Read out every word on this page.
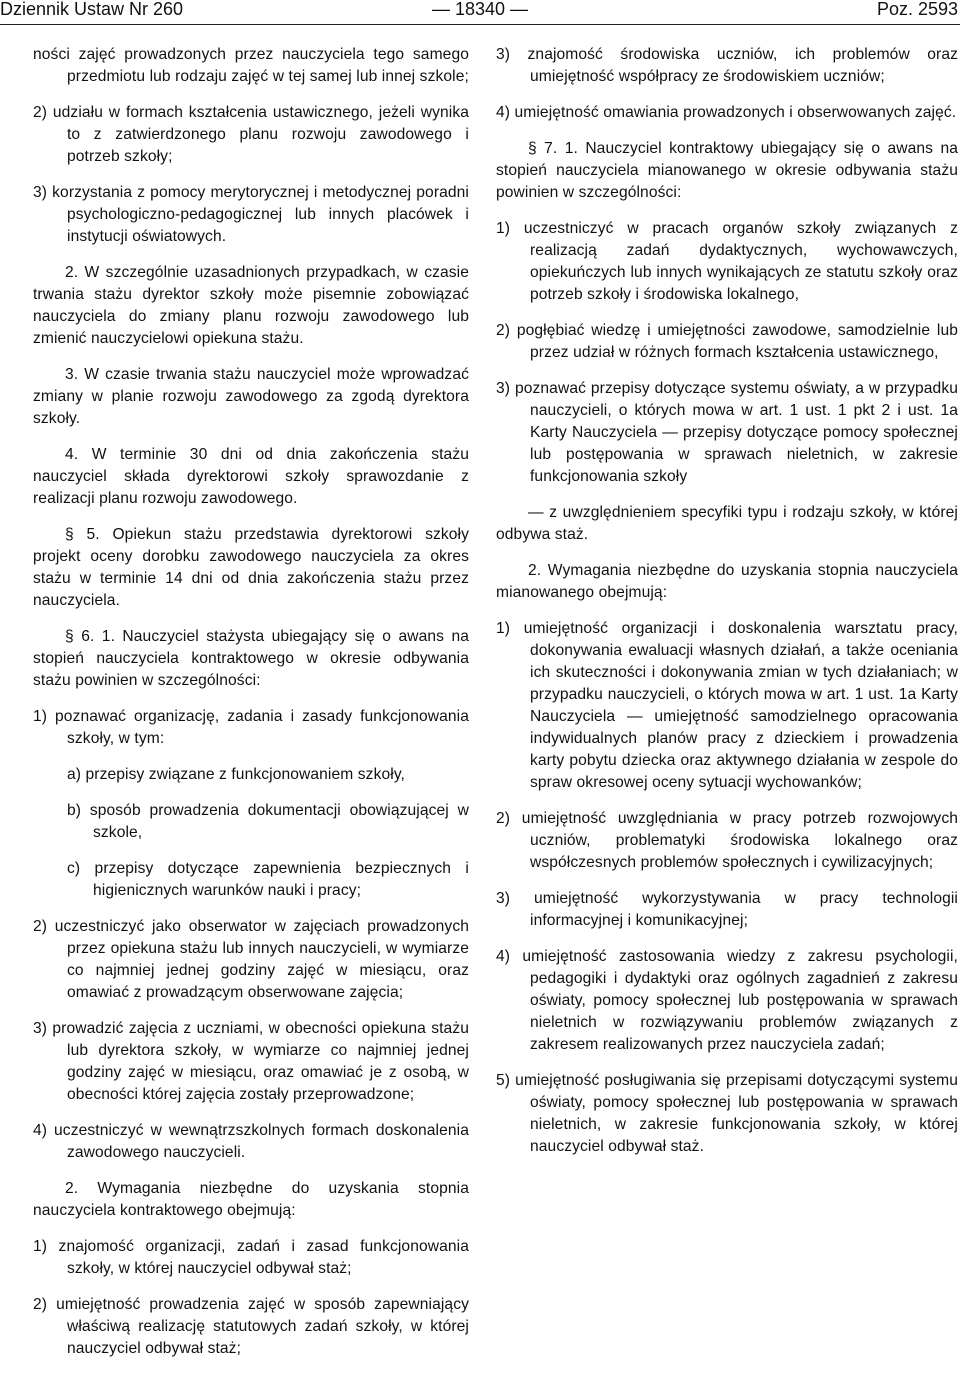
Dziennik Ustaw Nr 260	— 18340 —	Poz. 2593

ności zajęć prowadzonych przez nauczyciela tego samego przedmiotu lub rodzaju zajęć w tej samej lub innej szkole;

2) udziału w formach kształcenia ustawicznego, jeżeli wynika to z zatwierdzonego planu rozwoju zawodowego i potrzeb szkoły;

3) korzystania z pomocy merytorycznej i metodycznej poradni psychologiczno-pedagogicznej lub innych placówek i instytucji oświatowych.

2. W szczególnie uzasadnionych przypadkach, w czasie trwania stażu dyrektor szkoły może pisemnie zobowiązać nauczyciela do zmiany planu rozwoju zawodowego lub zmienić nauczycielowi opiekuna stażu.

3. W czasie trwania stażu nauczyciel może wprowadzać zmiany w planie rozwoju zawodowego za zgodą dyrektora szkoły.

4. W terminie 30 dni od dnia zakończenia stażu nauczyciel składa dyrektorowi szkoły sprawozdanie z realizacji planu rozwoju zawodowego.

§ 5. Opiekun stażu przedstawia dyrektorowi szkoły projekt oceny dorobku zawodowego nauczyciela za okres stażu w terminie 14 dni od dnia zakończenia stażu przez nauczyciela.

§ 6. 1. Nauczyciel stażysta ubiegający się o awans na stopień nauczyciela kontraktowego w okresie odbywania stażu powinien w szczególności:

1) poznawać organizację, zadania i zasady funkcjonowania szkoły, w tym:

a) przepisy związane z funkcjonowaniem szkoły,

b) sposób prowadzenia dokumentacji obowiązującej w szkole,

c) przepisy dotyczące zapewnienia bezpiecznych i higienicznych warunków nauki i pracy;

2) uczestniczyć jako obserwator w zajęciach prowadzonych przez opiekuna stażu lub innych nauczycieli, w wymiarze co najmniej jednej godziny zajęć w miesiącu, oraz omawiać z prowadzącym obserwowane zajęcia;

3) prowadzić zajęcia z uczniami, w obecności opiekuna stażu lub dyrektora szkoły, w wymiarze co najmniej jednej godziny zajęć w miesiącu, oraz omawiać je z osobą, w obecności której zajęcia zostały przeprowadzone;

4) uczestniczyć w wewnątrzszkolnych formach doskonalenia zawodowego nauczycieli.

2. Wymagania niezbędne do uzyskania stopnia nauczyciela kontraktowego obejmują:

1) znajomość organizacji, zadań i zasad funkcjonowania szkoły, w której nauczyciel odbywał staż;

2) umiejętność prowadzenia zajęć w sposób zapewniający właściwą realizację statutowych zadań szkoły, w której nauczyciel odbywał staż;

3) znajomość środowiska uczniów, ich problemów oraz umiejętność współpracy ze środowiskiem uczniów;

4) umiejętność omawiania prowadzonych i obserwowanych zajęć.

§ 7. 1. Nauczyciel kontraktowy ubiegający się o awans na stopień nauczyciela mianowanego w okresie odbywania stażu powinien w szczególności:

1) uczestniczyć w pracach organów szkoły związanych z realizacją zadań dydaktycznych, wychowawczych, opiekuńczych lub innych wynikających ze statutu szkoły oraz potrzeb szkoły i środowiska lokalnego,

2) pogłębiać wiedzę i umiejętności zawodowe, samodzielnie lub przez udział w różnych formach kształcenia ustawicznego,

3) poznawać przepisy dotyczące systemu oświaty, a w przypadku nauczycieli, o których mowa w art. 1 ust. 1 pkt 2 i ust. 1a Karty Nauczyciela — przepisy dotyczące pomocy społecznej lub postępowania w sprawach nieletnich, w zakresie funkcjonowania szkoły

— z uwzględnieniem specyfiki typu i rodzaju szkoły, w której odbywa staż.

2. Wymagania niezbędne do uzyskania stopnia nauczyciela mianowanego obejmują:

1) umiejętność organizacji i doskonalenia warsztatu pracy, dokonywania ewaluacji własnych działań, a także oceniania ich skuteczności i dokonywania zmian w tych działaniach; w przypadku nauczycieli, o których mowa w art. 1 ust. 1a Karty Nauczyciela — umiejętność samodzielnego opracowania indywidualnych planów pracy z dzieckiem i prowadzenia karty pobytu dziecka oraz aktywnego działania w zespole do spraw okresowej oceny sytuacji wychowanków;

2) umiejętność uwzględniania w pracy potrzeb rozwojowych uczniów, problematyki środowiska lokalnego oraz współczesnych problemów społecznych i cywilizacyjnych;

3) umiejętność wykorzystywania w pracy technologii informacyjnej i komunikacyjnej;

4) umiejętność zastosowania wiedzy z zakresu psychologii, pedagogiki i dydaktyki oraz ogólnych zagadnień z zakresu oświaty, pomocy społecznej lub postępowania w sprawach nieletnich w rozwiązywaniu problemów związanych z zakresem realizowanych przez nauczyciela zadań;

5) umiejętność posługiwania się przepisami dotyczącymi systemu oświaty, pomocy społecznej lub postępowania w sprawach nieletnich, w zakresie funkcjonowania szkoły, w której nauczyciel odbywał staż.
